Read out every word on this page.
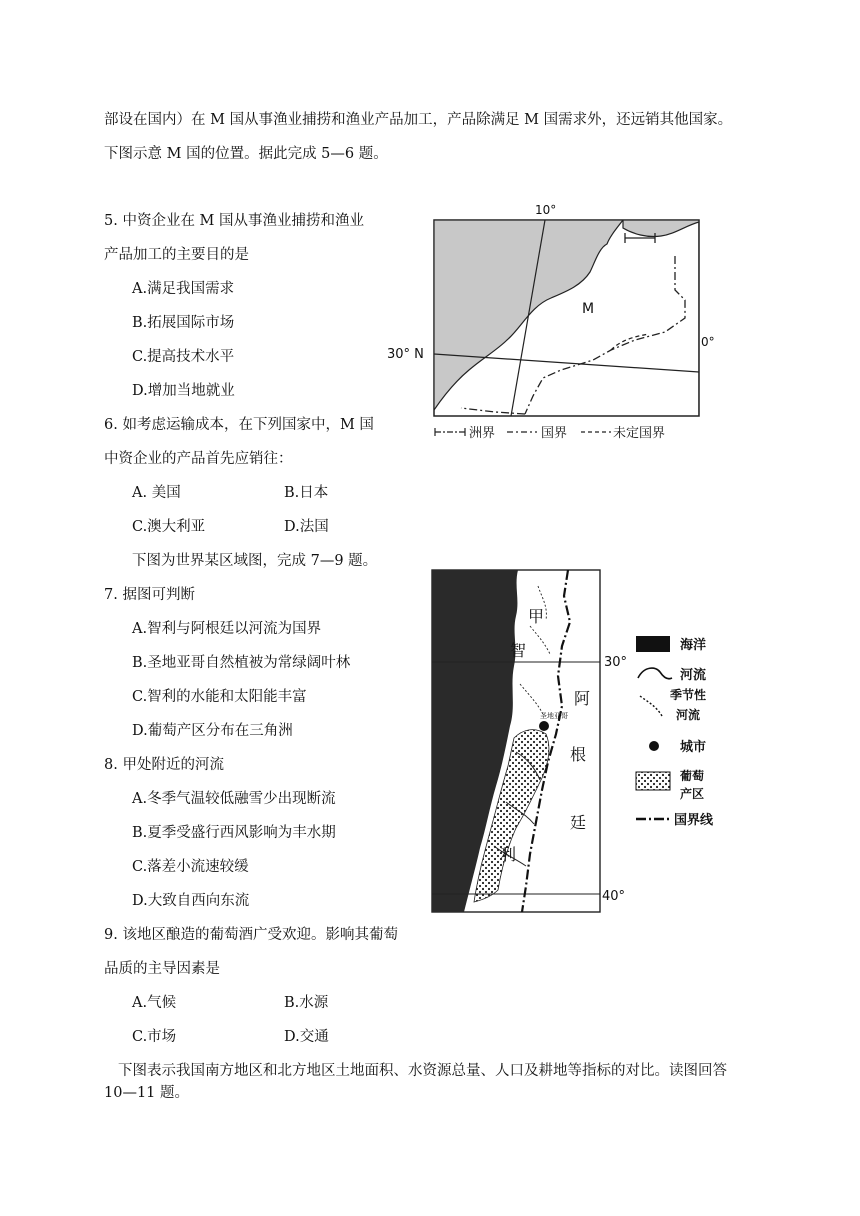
部设在国内）在 M 国从事渔业捕捞和渔业产品加工，产品除满足 M 国需求外，还远销其他国家。
下图示意 M 国的位置。据此完成 5—6 题。
5. 中资企业在 M 国从事渔业捕捞和渔业
产品加工的主要目的是
A.满足我国需求
B.拓展国际市场
C.提高技术水平
D.增加当地就业
6. 如考虑运输成本，在下列国家中，M 国
中资企业的产品首先应销往：
A. 美国	B.日本
C.澳大利亚	D.法国
下图为世界某区域图，完成 7—9 题。
7. 据图可判断
A.智利与阿根廷以河流为国界
B.圣地亚哥自然植被为常绿阔叶林
C.智利的水能和太阳能丰富
D.葡萄产区分布在三角洲
8. 甲处附近的河流
A.冬季气温较低融雪少出现断流
B.夏季受盛行西风影响为丰水期
C.落差小流速较缓
D.大致自西向东流
9. 该地区酿造的葡萄酒广受欢迎。影响其葡萄
品质的主导因素是
A.气候	B.水源
C.市场	D.交通
下图表示我国南方地区和北方地区土地面积、水资源总量、人口及耕地等指标的对比。读图回答
10—11 题。
10°
30° N
0°
M
洲界	国界	未定国界
甲
智
利
阿
根
廷
圣地亚哥
30°
40°
海洋
河流
季节性
河流
城市
葡萄
产区
国界线
